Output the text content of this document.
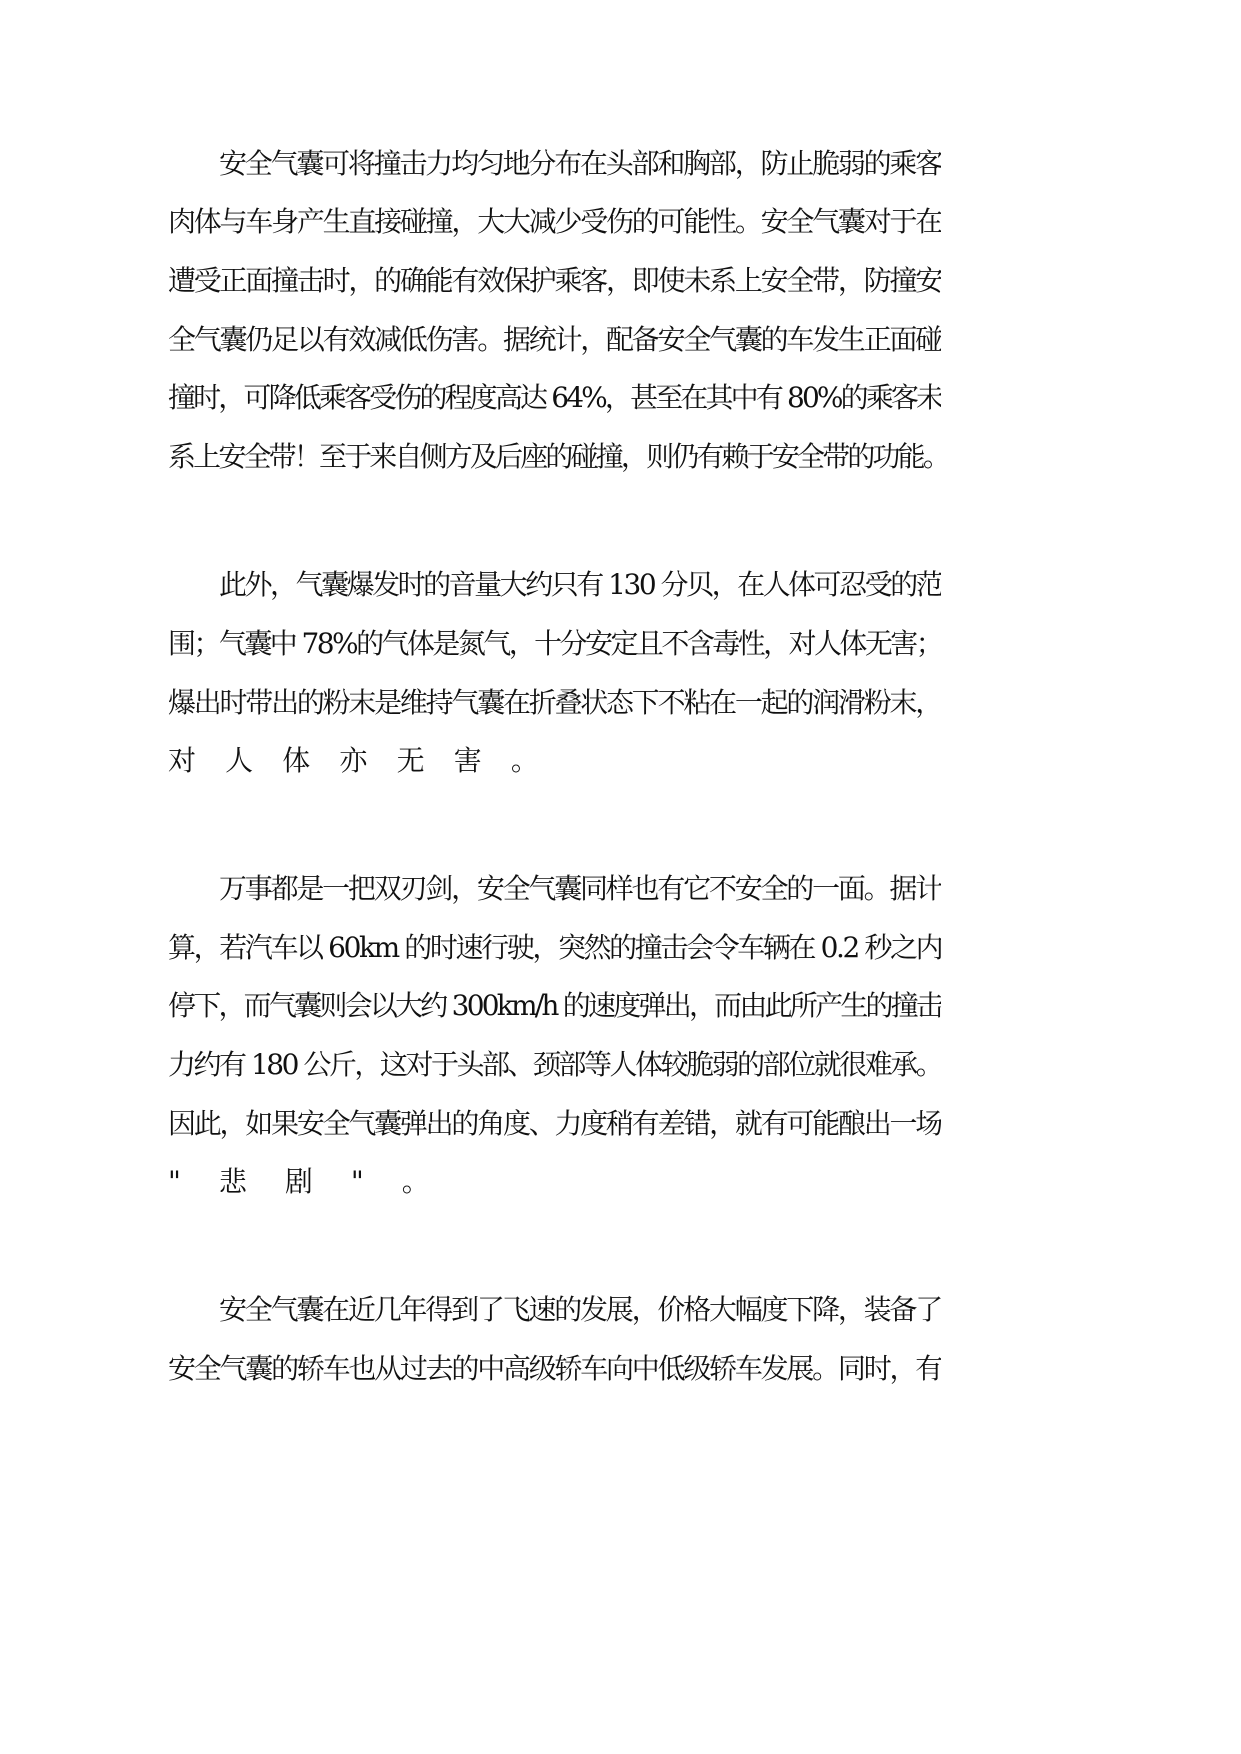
安全气囊可将撞击力均匀地分布在头部和胸部，防止脆弱的乘客
肉体与车身产生直接碰撞，大大减少受伤的可能性。安全气囊对于在
遭受正面撞击时，的确能有效保护乘客，即使未系上安全带，防撞安
全气囊仍足以有效减低伤害。据统计，配备安全气囊的车发生正面碰
撞时，可降低乘客受伤的程度高达 64%，甚至在其中有 80%的乘客未
系上安全带！至于来自侧方及后座的碰撞，则仍有赖于安全带的功能。
此外，气囊爆发时的音量大约只有 130 分贝，在人体可忍受的范
围；气囊中 78%的气体是氮气，十分安定且不含毒性，对人体无害；
爆出时带出的粉末是维持气囊在折叠状态下不粘在一起的润滑粉末，
对人体亦无害。
万事都是一把双刃剑，安全气囊同样也有它不安全的一面。据计
算，若汽车以 60km 的时速行驶，突然的撞击会令车辆在 0.2 秒之内
停下，而气囊则会以大约 300km/h 的速度弹出，而由此所产生的撞击
力约有 180 公斤，这对于头部、颈部等人体较脆弱的部位就很难承。
因此，如果安全气囊弹出的角度、力度稍有差错，就有可能酿出一场
"悲剧"。
安全气囊在近几年得到了飞速的发展，价格大幅度下降，装备了
安全气囊的轿车也从过去的中高级轿车向中低级轿车发展。同时，有
